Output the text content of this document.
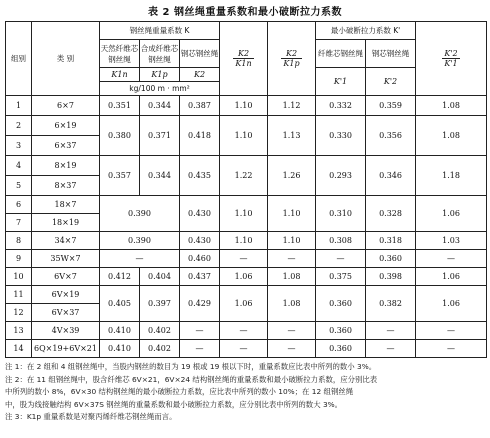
表 2 钢丝绳重量系数和最小破断拉力系数
组别	类 别	钢丝绳重量系数 K			$\frac{K2}{K1n}$	$\frac{K2}{K1p}$	最小破断拉力系数 K'		$\frac{K'2}{K'1}$

		天然纤维芯钢丝绳	合成纤维芯钢丝绳	钢芯钢丝绳			纤维芯钢丝绳	钢芯钢丝绳	
		K1n	K1p	K2			K'1	K'2	
		kg/100 m · mm²							
1	6×7	0.351	0.344	0.387	1.10	1.12	0.332	0.359	1.08
2	6×19	0.380	0.371	0.418	1.10	1.13	0.330	0.356	1.08
3	6×37								
4	8×19	0.357	0.344	0.435	1.22	1.26	0.293	0.346	1.18
5	8×37								
6	18×7	0.390		0.430	1.10	1.10	0.310	0.328	1.06
7	18×19								
8	34×7	0.390		0.430	1.10	1.10	0.308	0.318	1.03
9	35W×7	—		0.460	—	—	—	0.360	—
10	6V×7	0.412	0.404	0.437	1.06	1.08	0.375	0.398	1.06
11	6V×19	0.405	0.397	0.429	1.06	1.08	0.360	0.382	1.06
12	6V×37								
13	4V×39	0.410	0.402	—	—	—	0.360	—	—
14	6Q×19+6V×21	0.410	0.402	—	—	—	0.360	—	—
注 1：在 2 组和 4 组钢丝绳中，当股内钢丝的数目为 19 根或 19 根以下时，重量系数应比表中所列的数小 3%。
注 2：在 11 组钢丝绳中，股含纤维芯 6V×21，6V×24 结构钢丝绳的重量系数和最小破断拉力系数，应分别比表
中所列的数小 8%，6V×30 结构钢丝绳的最小破断拉力系数，应比表中所列的数小 10%；在 12 组钢丝绳
中，股为线接触结构 6V×37S 钢丝绳的重量系数和最小破断拉力系数，应分别比表中所列的数大 3%。
注 3：K1p 重量系数是对聚丙烯纤维芯钢丝绳而言。
